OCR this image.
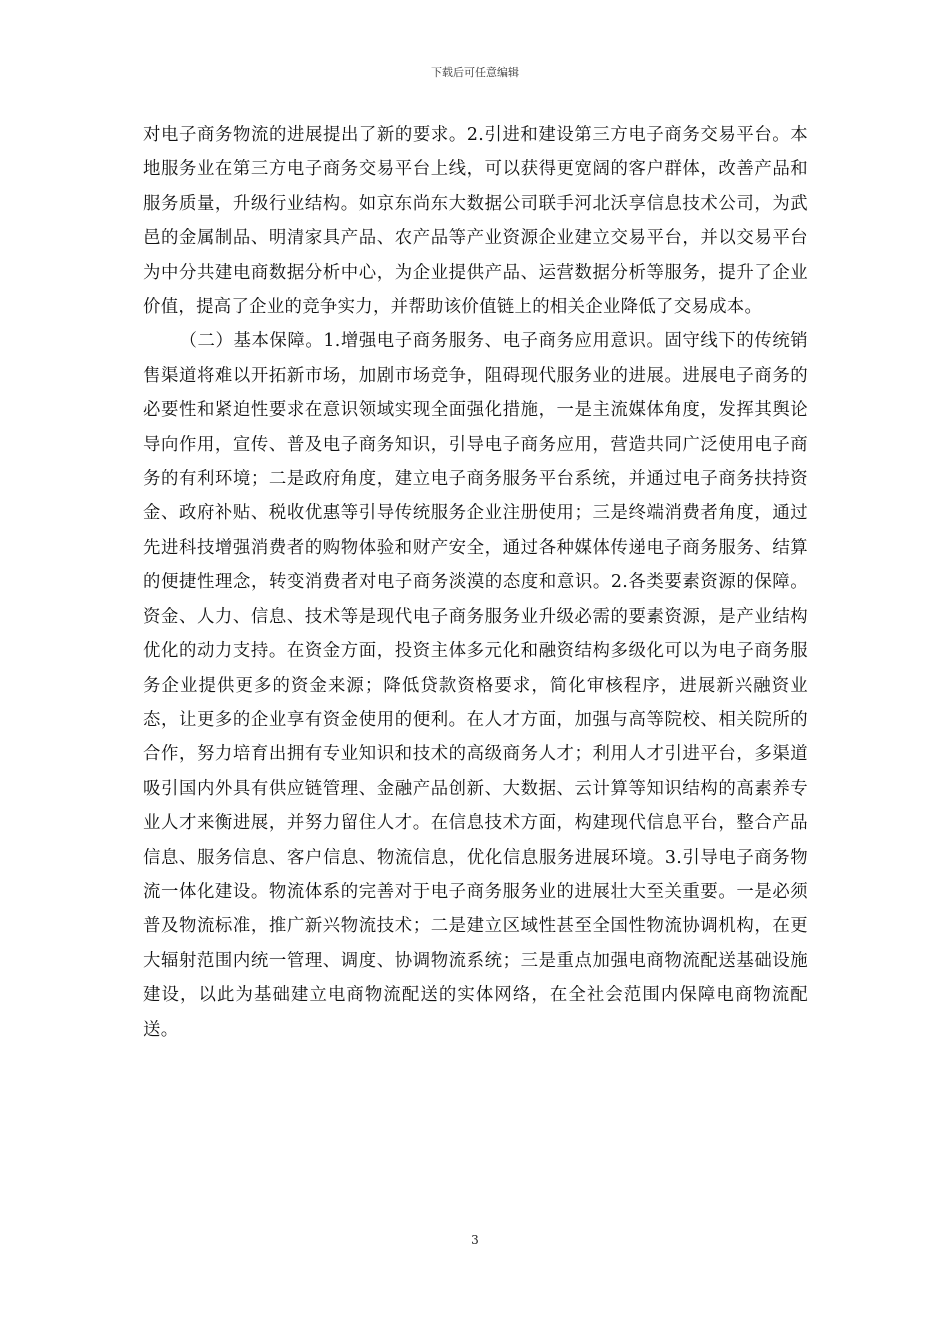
下载后可任意编辑

对电子商务物流的进展提出了新的要求。2.引进和建设第三方电子商务交易平台。本地服务业在第三方电子商务交易平台上线，可以获得更宽阔的客户群体，改善产品和服务质量，升级行业结构。如京东尚东大数据公司联手河北沃享信息技术公司，为武邑的金属制品、明清家具产品、农产品等产业资源企业建立交易平台，并以交易平台为中分共建电商数据分析中心，为企业提供产品、运营数据分析等服务，提升了企业价值，提高了企业的竞争实力，并帮助该价值链上的相关企业降低了交易成本。

（二）基本保障。1.增强电子商务服务、电子商务应用意识。固守线下的传统销售渠道将难以开拓新市场，加剧市场竞争，阻碍现代服务业的进展。进展电子商务的必要性和紧迫性要求在意识领域实现全面强化措施，一是主流媒体角度，发挥其舆论导向作用，宣传、普及电子商务知识，引导电子商务应用，营造共同广泛使用电子商务的有利环境；二是政府角度，建立电子商务服务平台系统，并通过电子商务扶持资金、政府补贴、税收优惠等引导传统服务企业注册使用；三是终端消费者角度，通过先进科技增强消费者的购物体验和财产安全，通过各种媒体传递电子商务服务、结算的便捷性理念，转变消费者对电子商务淡漠的态度和意识。2.各类要素资源的保障。资金、人力、信息、技术等是现代电子商务服务业升级必需的要素资源，是产业结构优化的动力支持。在资金方面，投资主体多元化和融资结构多级化可以为电子商务服务企业提供更多的资金来源；降低贷款资格要求，简化审核程序，进展新兴融资业态，让更多的企业享有资金使用的便利。在人才方面，加强与高等院校、相关院所的合作，努力培育出拥有专业知识和技术的高级商务人才；利用人才引进平台，多渠道吸引国内外具有供应链管理、金融产品创新、大数据、云计算等知识结构的高素养专业人才来衡进展，并努力留住人才。在信息技术方面，构建现代信息平台，整合产品信息、服务信息、客户信息、物流信息，优化信息服务进展环境。3.引导电子商务物流一体化建设。物流体系的完善对于电子商务服务业的进展壮大至关重要。一是必须普及物流标准，推广新兴物流技术；二是建立区域性甚至全国性物流协调机构，在更大辐射范围内统一管理、调度、协调物流系统；三是重点加强电商物流配送基础设施建设，以此为基础建立电商物流配送的实体网络，在全社会范围内保障电商物流配送。

3
